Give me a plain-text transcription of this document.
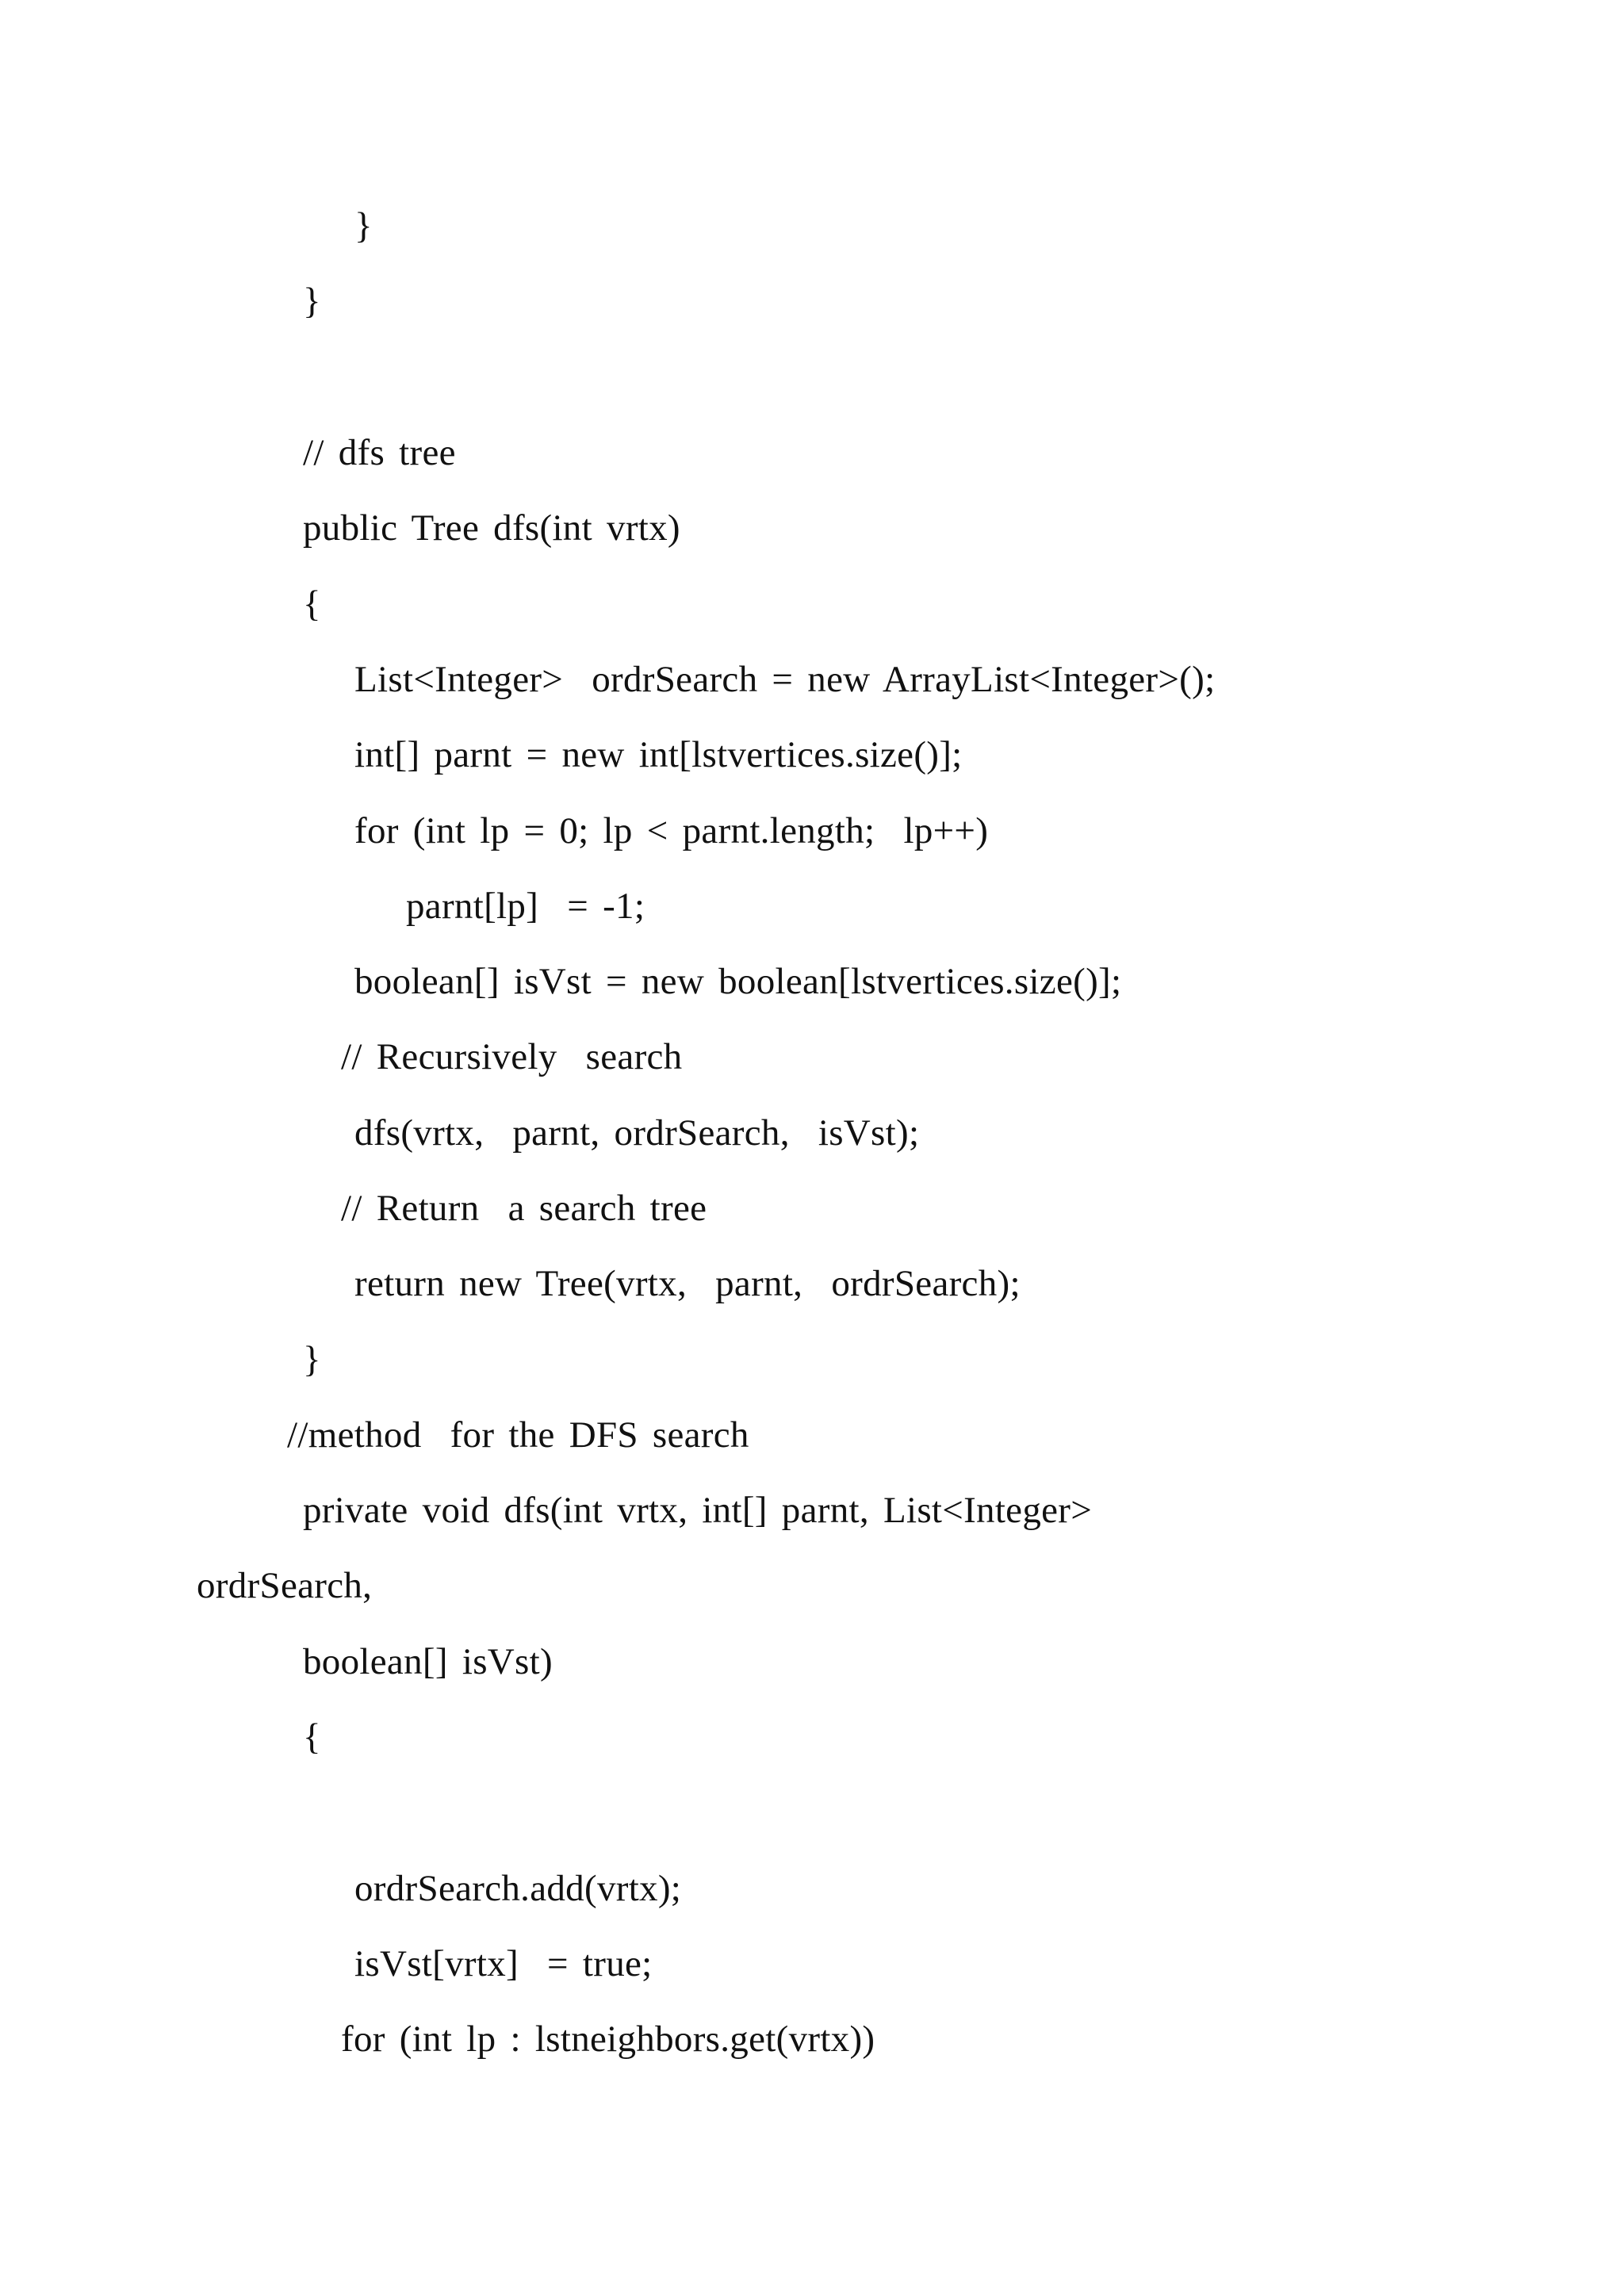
}
}
// dfs tree
public Tree dfs(int vrtx)
{
List<Integer>  ordrSearch = new ArrayList<Integer>();
int[] parnt = new int[lstvertices.size()];
for (int lp = 0; lp < parnt.length;  lp++)
parnt[lp]  = -1;
boolean[] isVst = new boolean[lstvertices.size()];
// Recursively  search
dfs(vrtx,  parnt, ordrSearch,  isVst);
// Return  a search tree
return new Tree(vrtx,  parnt,  ordrSearch);
}
//method  for the DFS search
private void dfs(int vrtx, int[] parnt, List<Integer>
ordrSearch,
boolean[] isVst)
{
ordrSearch.add(vrtx);
isVst[vrtx]  = true;
for (int lp : lstneighbors.get(vrtx))
